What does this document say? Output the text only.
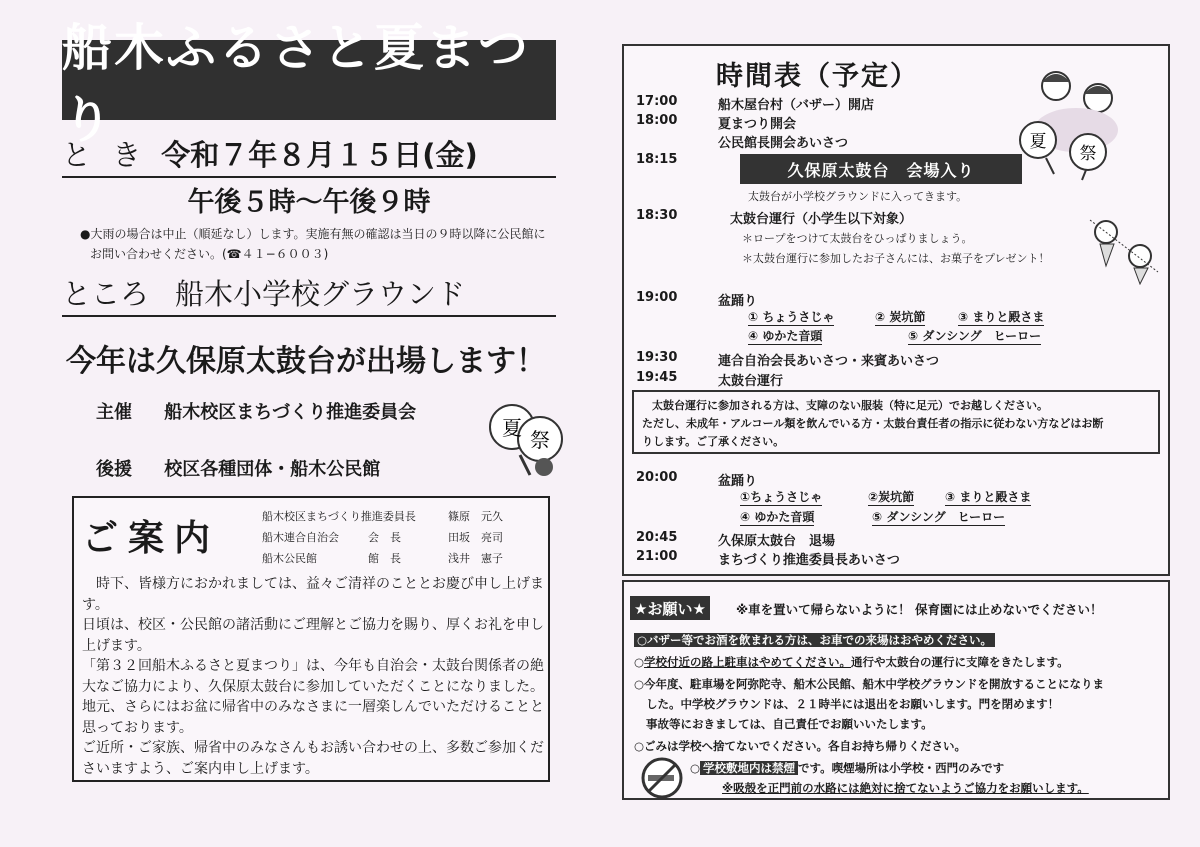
船木ふるさと夏まつり
と き 令和７年８月１５日(金)
午後５時〜午後９時
●大雨の場合は中止（順延なし）します。実施有無の確認は当日の９時以降に公民館に
お問い合わせください。(☎４１−６００３)
ところ 船木小学校グラウンド
今年は久保原太鼓台が出場します！
主催 船木校区まちづくり推進委員会
後援 校区各種団体・船木公民館
夏 祭
ご案内
船木校区まちづくり推進委員長	篠原　元久
船木連合自治会	会　長	田坂　亮司
船木公民館	館　長	浅井　憲子

時下、皆様方におかれましては、益々ご清祥のこととお慶び申し上げます。

日頃は、校区・公民館の諸活動にご理解とご協力を賜り、厚くお礼を申し上げます。

「第３２回船木ふるさと夏まつり」は、今年も自治会・太鼓台関係者の絶大なご協力により、久保原太鼓台に参加していただくことになりました。地元、さらにはお盆に帰省中のみなさまに一層楽しんでいただけることと思っております。

ご近所・ご家族、帰省中のみなさんもお誘い合わせの上、多数ご参加くださいますよう、ご案内申し上げます。

時間表（予定）
夏
祭
17:00	船木屋台村（バザー）開店
18:00	夏まつり開会
公民館長開会あいさつ
18:15
久保原太鼓台　会場入り
太鼓台が小学校グラウンドに入ってきます。
18:30	太鼓台運行（小学生以下対象）
＊ロープをつけて太鼓台をひっぱりましょう。
＊太鼓台運行に参加したお子さんには、お菓子をプレゼント！
19:00	盆踊り
① ちょうさじゃ	② 炭坑節	③ まりと殿さま
④ ゆかた音頭	⑤ ダンシング　ヒーロー
19:30	連合自治会長あいさつ・来賓あいさつ
19:45	太鼓台運行
太鼓台運行に参加される方は、支障のない服装（特に足元）でお越しください。
ただし、未成年・アルコール類を飲んでいる方・太鼓台責任者の指示に従わない方などはお断
りします。ご了承ください。
20:00	盆踊り
①ちょうさじゃ	②炭坑節	③ まりと殿さま
④ ゆかた音頭	⑤ ダンシング　ヒーロー
20:45	久保原太鼓台　退場
21:00	まちづくり推進委員長あいさつ
★お願い★	※車を置いて帰らないように！ 保育園には止めないでください！
○バザー等でお酒を飲まれる方は、お車での来場はおやめください。
○学校付近の路上駐車はやめてください。通行や太鼓台の運行に支障をきたします。
○今年度、駐車場を阿弥陀寺、船木公民館、船木中学校グラウンドを開放することになりま
した。中学校グラウンドは、２１時半には退出をお願いします。門を閉めます！
事故等におきましては、自己責任でお願いいたします。
○ごみは学校へ捨てないでください。各自お持ち帰りください。
○ 学校敷地内は禁煙 です。喫煙場所は小学校・西門のみです
※吸殻を正門前の水路には絶対に捨てないようご協力をお願いします。
